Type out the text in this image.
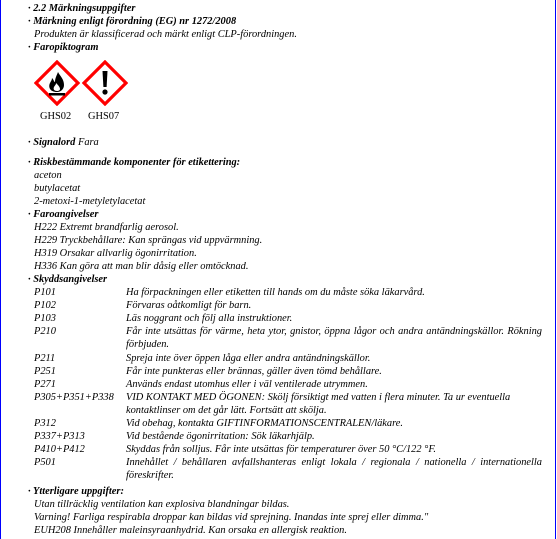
· 2.2 Märkningsuppgifter
· Märkning enligt förordning (EG) nr 1272/2008
Produkten är klassificerad och märkt enligt CLP-förordningen.
· Faropiktogram
GHS02 GHS07
· Signalord Fara
· Riskbestämmande komponenter för etikettering:
aceton
butylacetat
2-metoxi-1-metyletylacetat
· Faroangivelser
H222 Extremt brandfarlig aerosol.
H229 Tryckbehållare: Kan sprängas vid uppvärmning.
H319 Orsakar allvarlig ögonirritation.
H336 Kan göra att man blir dåsig eller omtöcknad.
· Skyddsangivelser
P101	Ha förpackningen eller etiketten till hands om du måste söka läkarvård.
P102	Förvaras oåtkomligt för barn.
P103	Läs noggrant och följ alla instruktioner.
P210	Får inte utsättas för värme, heta ytor, gnistor, öppna lågor och andra antändningskällor. Rökning förbjuden.
P211	Spreja inte över öppen låga eller andra antändningskällor.
P251	Får inte punkteras eller brännas, gäller även tömd behållare.
P271	Används endast utomhus eller i väl ventilerade utrymmen.
P305+P351+P338 VID KONTAKT MED ÖGONEN: Skölj försiktigt med vatten i flera minuter. Ta ur eventuella kontaktlinser om det går lätt. Fortsätt att skölja.
P312	Vid obehag, kontakta GIFTINFORMATIONSCENTRALEN/läkare.
P337+P313	Vid bestående ögonirritation: Sök läkarhjälp.
P410+P412	Skyddas från solljus. Får inte utsättas för temperaturer över 50 °C/122 °F.
P501	Innehållet / behållaren avfallshanteras enligt lokala / regionala / nationella / internationella föreskrifter.
· Ytterligare uppgifter:
Utan tillräcklig ventilation kan explosiva blandningar bildas.
Varning! Farliga respirabla droppar kan bildas vid sprejning. Inandas inte sprej eller dimma."
EUH208 Innehåller maleinsyraanhydrid. Kan orsaka en allergisk reaktion.
